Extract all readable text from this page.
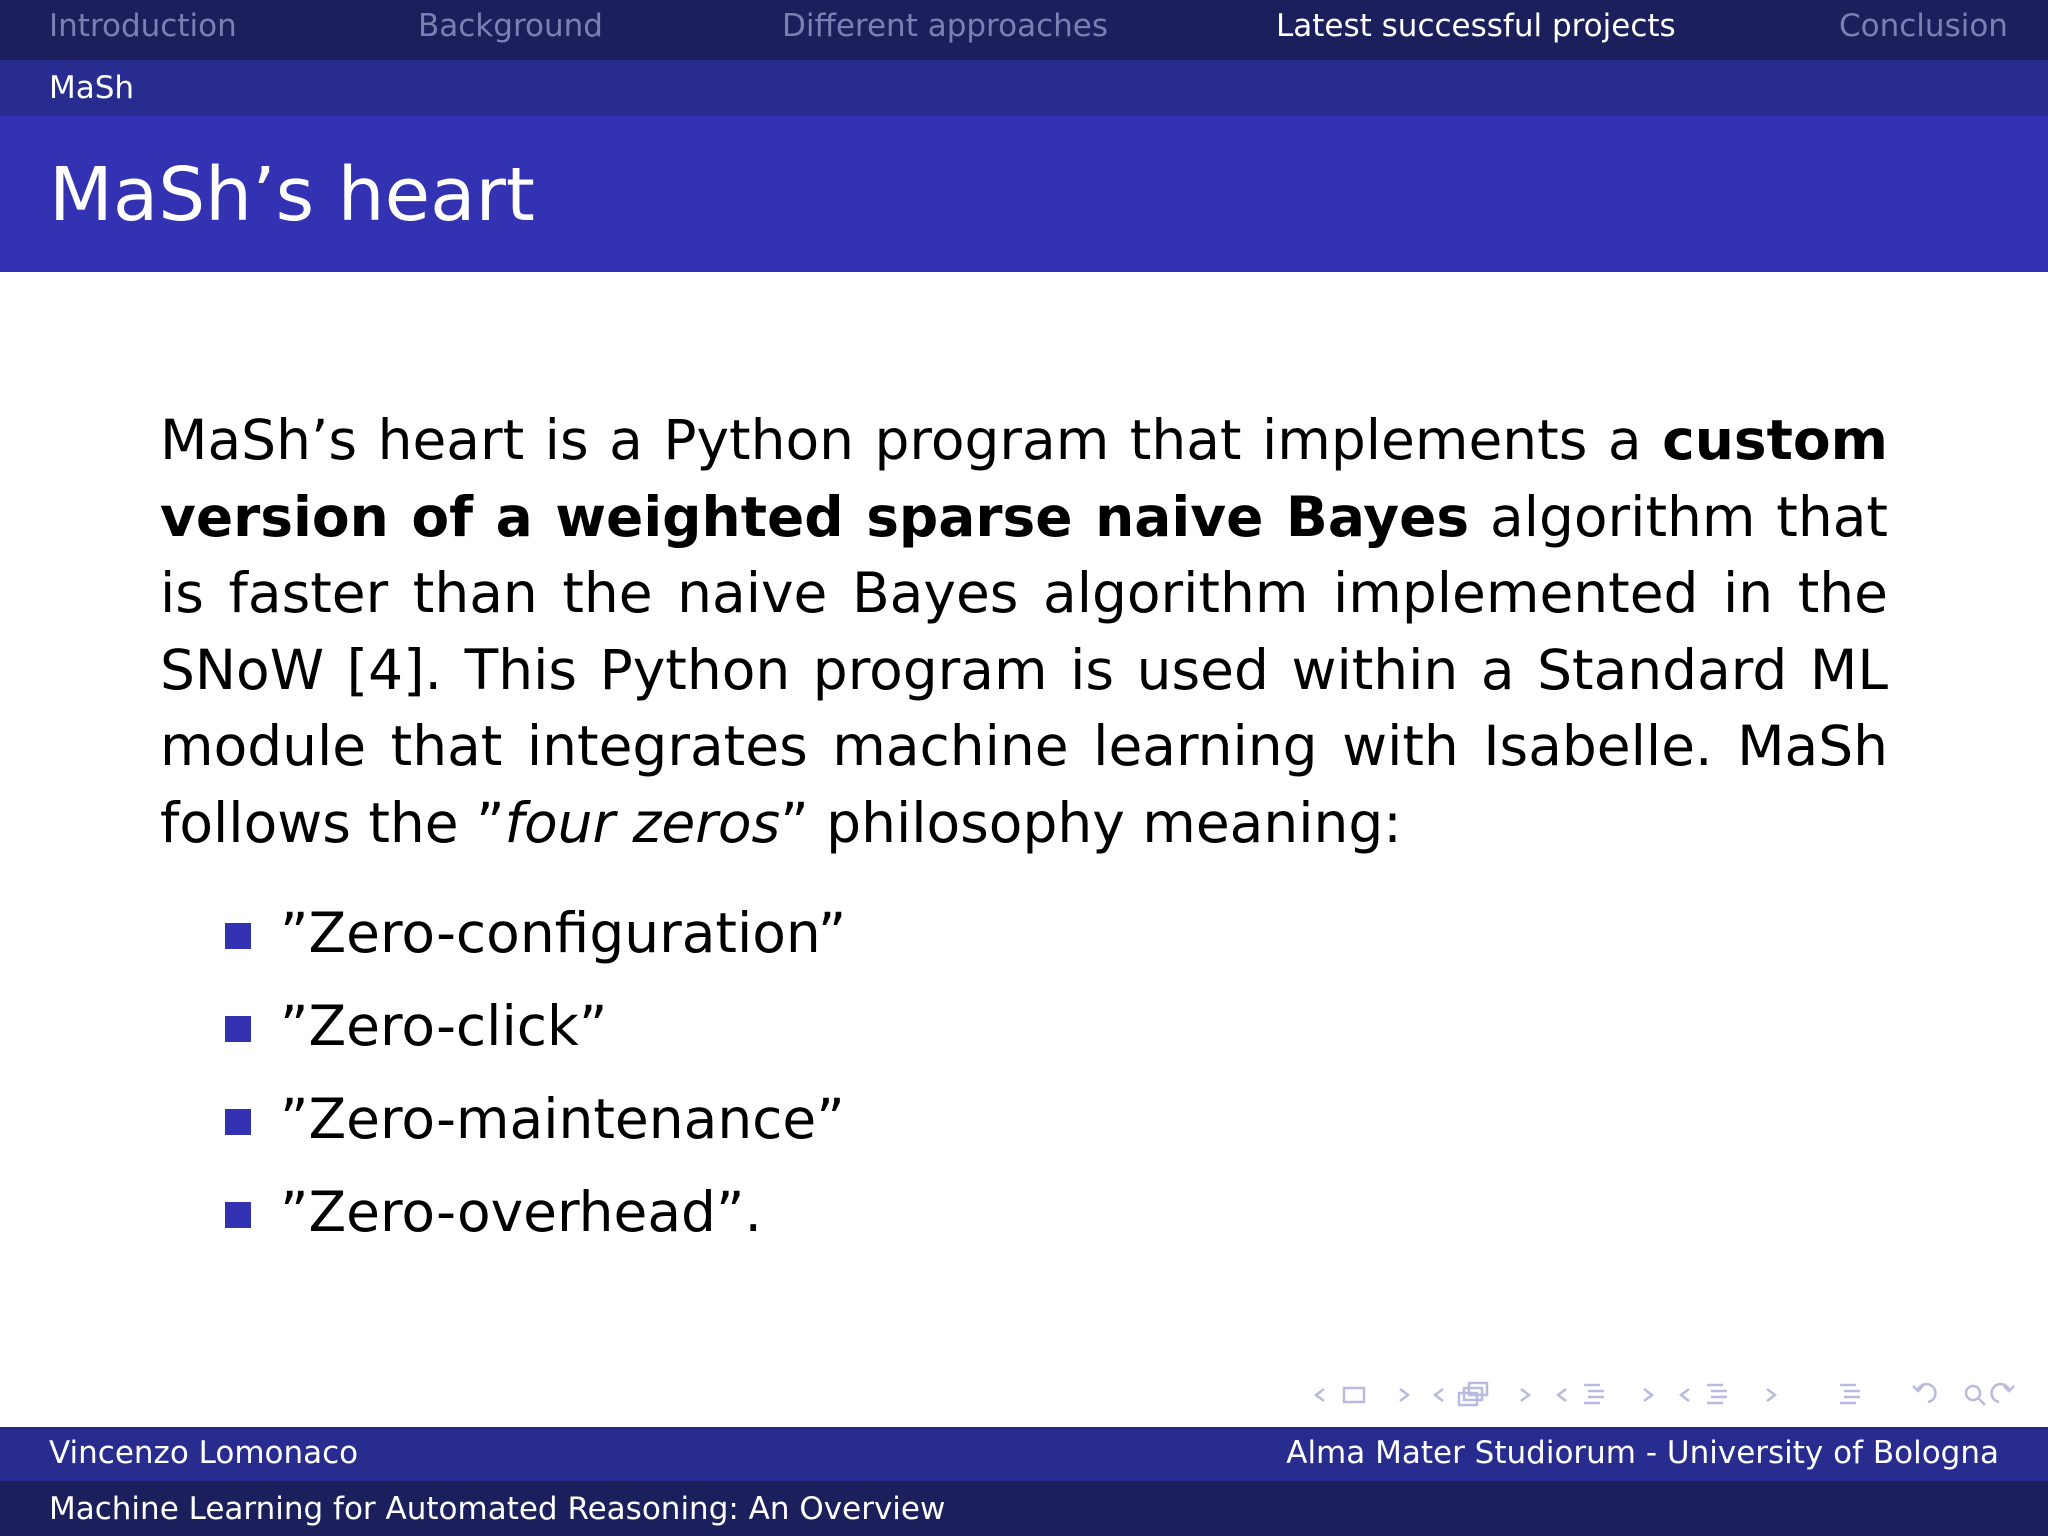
Introduction	Background	Different approaches	Latest successful projects	Conclusion
MaSh
MaSh’s heart

MaSh’s heart is a Python program that implements a custom version of a weighted sparse naive Bayes algorithm that is faster than the naive Bayes algorithm implemented in the SNoW [4]. This Python program is used within a Standard ML module that integrates machine learning with Isabelle. MaSh follows the ”four zeros” philosophy meaning:

”Zero-configuration”
”Zero-click”
”Zero-maintenance”
”Zero-overhead”.
Vincenzo Lomonaco	Alma Mater Studiorum - University of Bologna
Machine Learning for Automated Reasoning: An Overview
